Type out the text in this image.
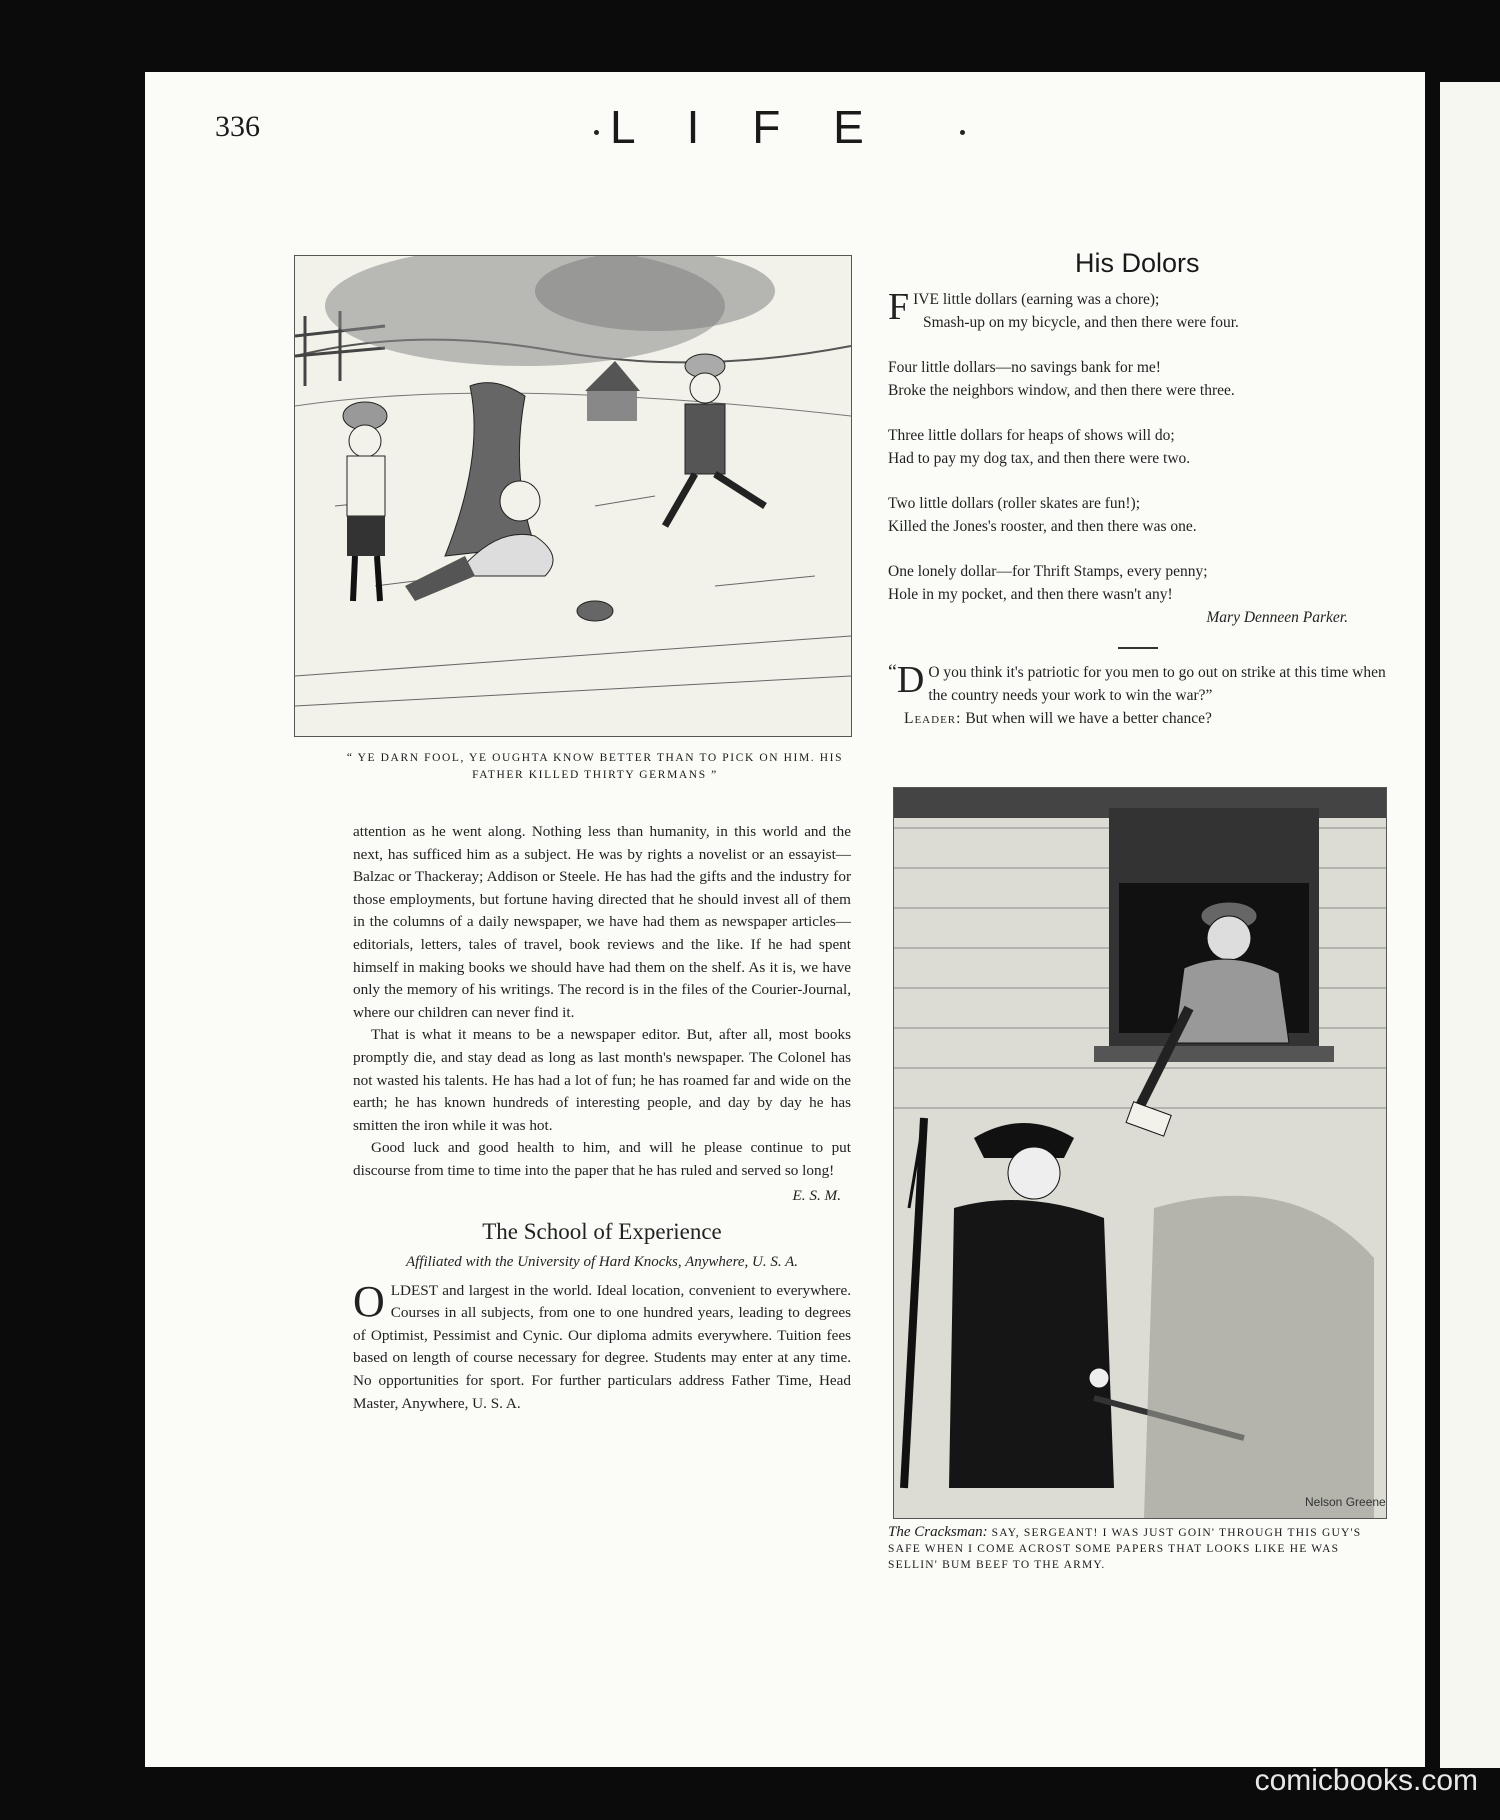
336	L I F E
“ YE DARN FOOL, YE OUGHTA KNOW BETTER THAN TO PICK ON HIM. HIS FATHER KILLED THIRTY GERMANS ”

attention as he went along. Nothing less than humanity, in this world and the next, has sufficed him as a subject. He was by rights a novelist or an essayist—Balzac or Thackeray; Addison or Steele. He has had the gifts and the industry for those employments, but fortune having directed that he should invest all of them in the columns of a daily newspaper, we have had them as newspaper articles—editorials, letters, tales of travel, book reviews and the like. If he had spent himself in making books we should have had them on the shelf. As it is, we have only the memory of his writings. The record is in the files of the Courier-Journal, where our children can never find it.

That is what it means to be a newspaper editor. But, after all, most books promptly die, and stay dead as long as last month's newspaper. The Colonel has not wasted his talents. He has had a lot of fun; he has roamed far and wide on the earth; he has known hundreds of interesting people, and day by day he has smitten the iron while it was hot.

Good luck and good health to him, and will he please continue to put discourse from time to time into the paper that he has ruled and served so long!

E. S. M.
The School of Experience
Affiliated with the University of Hard Knocks, Anywhere, U. S. A.
OLDEST and largest in the world. Ideal location, convenient to everywhere. Courses in all subjects, from one to one hundred years, leading to degrees of Optimist, Pessimist and Cynic. Our diploma admits everywhere. Tuition fees based on length of course necessary for degree. Students may enter at any time. No opportunities for sport. For further particulars address Father Time, Head Master, Anywhere, U. S. A.
His Dolors
F IVE little dollars (earning was a chore);
Smash-up on my bicycle, and then there were four.
Four little dollars—no savings bank for me!
Broke the neighbors window, and then there were three.
Three little dollars for heaps of shows will do;
Had to pay my dog tax, and then there were two.
Two little dollars (roller skates are fun!);
Killed the Jones's rooster, and then there was one.
One lonely dollar—for Thrift Stamps, every penny;
Hole in my pocket, and then there wasn't any!
Mary Denneen Parker.
“ D O you think it's patriotic for you men to go out on strike at this time when the country needs your work to win the war?”
Leader: But when will we have a better chance?
Nelson Greene
The Cracksman: SAY, SERGEANT! I WAS JUST GOIN' THROUGH THIS GUY'S SAFE WHEN I COME ACROST SOME PAPERS THAT LOOKS LIKE HE WAS SELLIN' BUM BEEF TO THE ARMY.
comicbooks.com
